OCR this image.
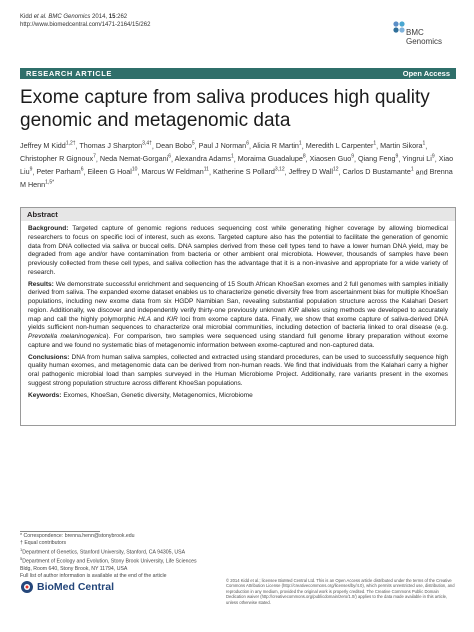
Kidd et al. BMC Genomics 2014, 15:262
http://www.biomedcentral.com/1471-2164/15/262
BMC
Genomics
RESEARCH ARTICLE	Open Access
Exome capture from saliva produces high quality genomic and metagenomic data
Jeffrey M Kidd$^{1,2\dagger}$, Thomas J Sharpton$^{3,4\dagger}$, Dean Bobo$^5$, Paul J Norman$^6$, Alicia R Martin$^1$, Meredith L Carpenter$^1$, Martin Sikora$^1$, Christopher R Gignoux$^7$, Neda Nemat-Gorgani$^6$, Alexandra Adams$^1$, Moraima Guadalupe$^8$, Xiaosen Guo$^9$, Qiang Feng$^9$, Yingrui Li$^9$, Xiao Liu$^9$, Peter Parham$^6$, Eileen G Hoal$^{10}$, Marcus W Feldman$^{11}$, Katherine S Pollard$^{3,12}$, Jeffrey D Wall$^{12}$, Carlos D Bustamante$^1$ and Brenna M Henn$^{1,5*}$
Abstract

Background: Targeted capture of genomic regions reduces sequencing cost while generating higher coverage by allowing biomedical researchers to focus on specific loci of interest, such as exons. Targeted capture also has the potential to facilitate the generation of genomic data from DNA collected via saliva or buccal cells. DNA samples derived from these cell types tend to have a lower human DNA yield, may be degraded from age and/or have contamination from bacteria or other ambient oral microbiota. However, thousands of samples have been previously collected from these cell types, and saliva collection has the advantage that it is a non-invasive and appropriate for a wide variety of research.

Results: We demonstrate successful enrichment and sequencing of 15 South African KhoeSan exomes and 2 full genomes with samples initially derived from saliva. The expanded exome dataset enables us to characterize genetic diversity free from ascertainment bias for multiple KhoeSan populations, including new exome data from six HGDP Namibian San, revealing substantial population structure across the Kalahari Desert region. Additionally, we discover and independently verify thirty-one previously unknown KIR alleles using methods we developed to accurately map and call the highly polymorphic HLA and KIR loci from exome capture data. Finally, we show that exome capture of saliva-derived DNA yields sufficient non-human sequences to characterize oral microbial communities, including detection of bacteria linked to oral disease (e.g. Prevotella melaninogenica). For comparison, two samples were sequenced using standard full genome library preparation without exome capture and we found no systematic bias of metagenomic information between exome-captured and non-captured data.

Conclusions: DNA from human saliva samples, collected and extracted using standard procedures, can be used to successfully sequence high quality human exomes, and metagenomic data can be derived from non-human reads. We find that individuals from the Kalahari carry a higher oral pathogenic microbial load than samples surveyed in the Human Microbiome Project. Additionally, rare variants present in the exomes suggest strong population structure across different KhoeSan populations.

Keywords: Exomes, KhoeSan, Genetic diversity, Metagenomics, Microbiome

* Correspondence: brenna.henn@stonybrook.edu
† Equal contributors
$^1$Department of Genetics, Stanford University, Stanford, CA 94305, USA
$^5$Department of Ecology and Evolution, Stony Brook University, Life Sciences
Bldg, Room 640, Stony Brook, NY 11794, USA
Full list of author information is available at the end of the article
BioMed Central
© 2014 Kidd et al.; licensee BioMed Central Ltd. This is an Open Access article distributed under the terms of the Creative Commons Attribution License (http://creativecommons.org/licenses/by/4.0), which permits unrestricted use, distribution, and reproduction in any medium, provided the original work is properly credited. The Creative Commons Public Domain Dedication waiver (http://creativecommons.org/publicdomain/zero/1.0/) applies to the data made available in this article, unless otherwise stated.
